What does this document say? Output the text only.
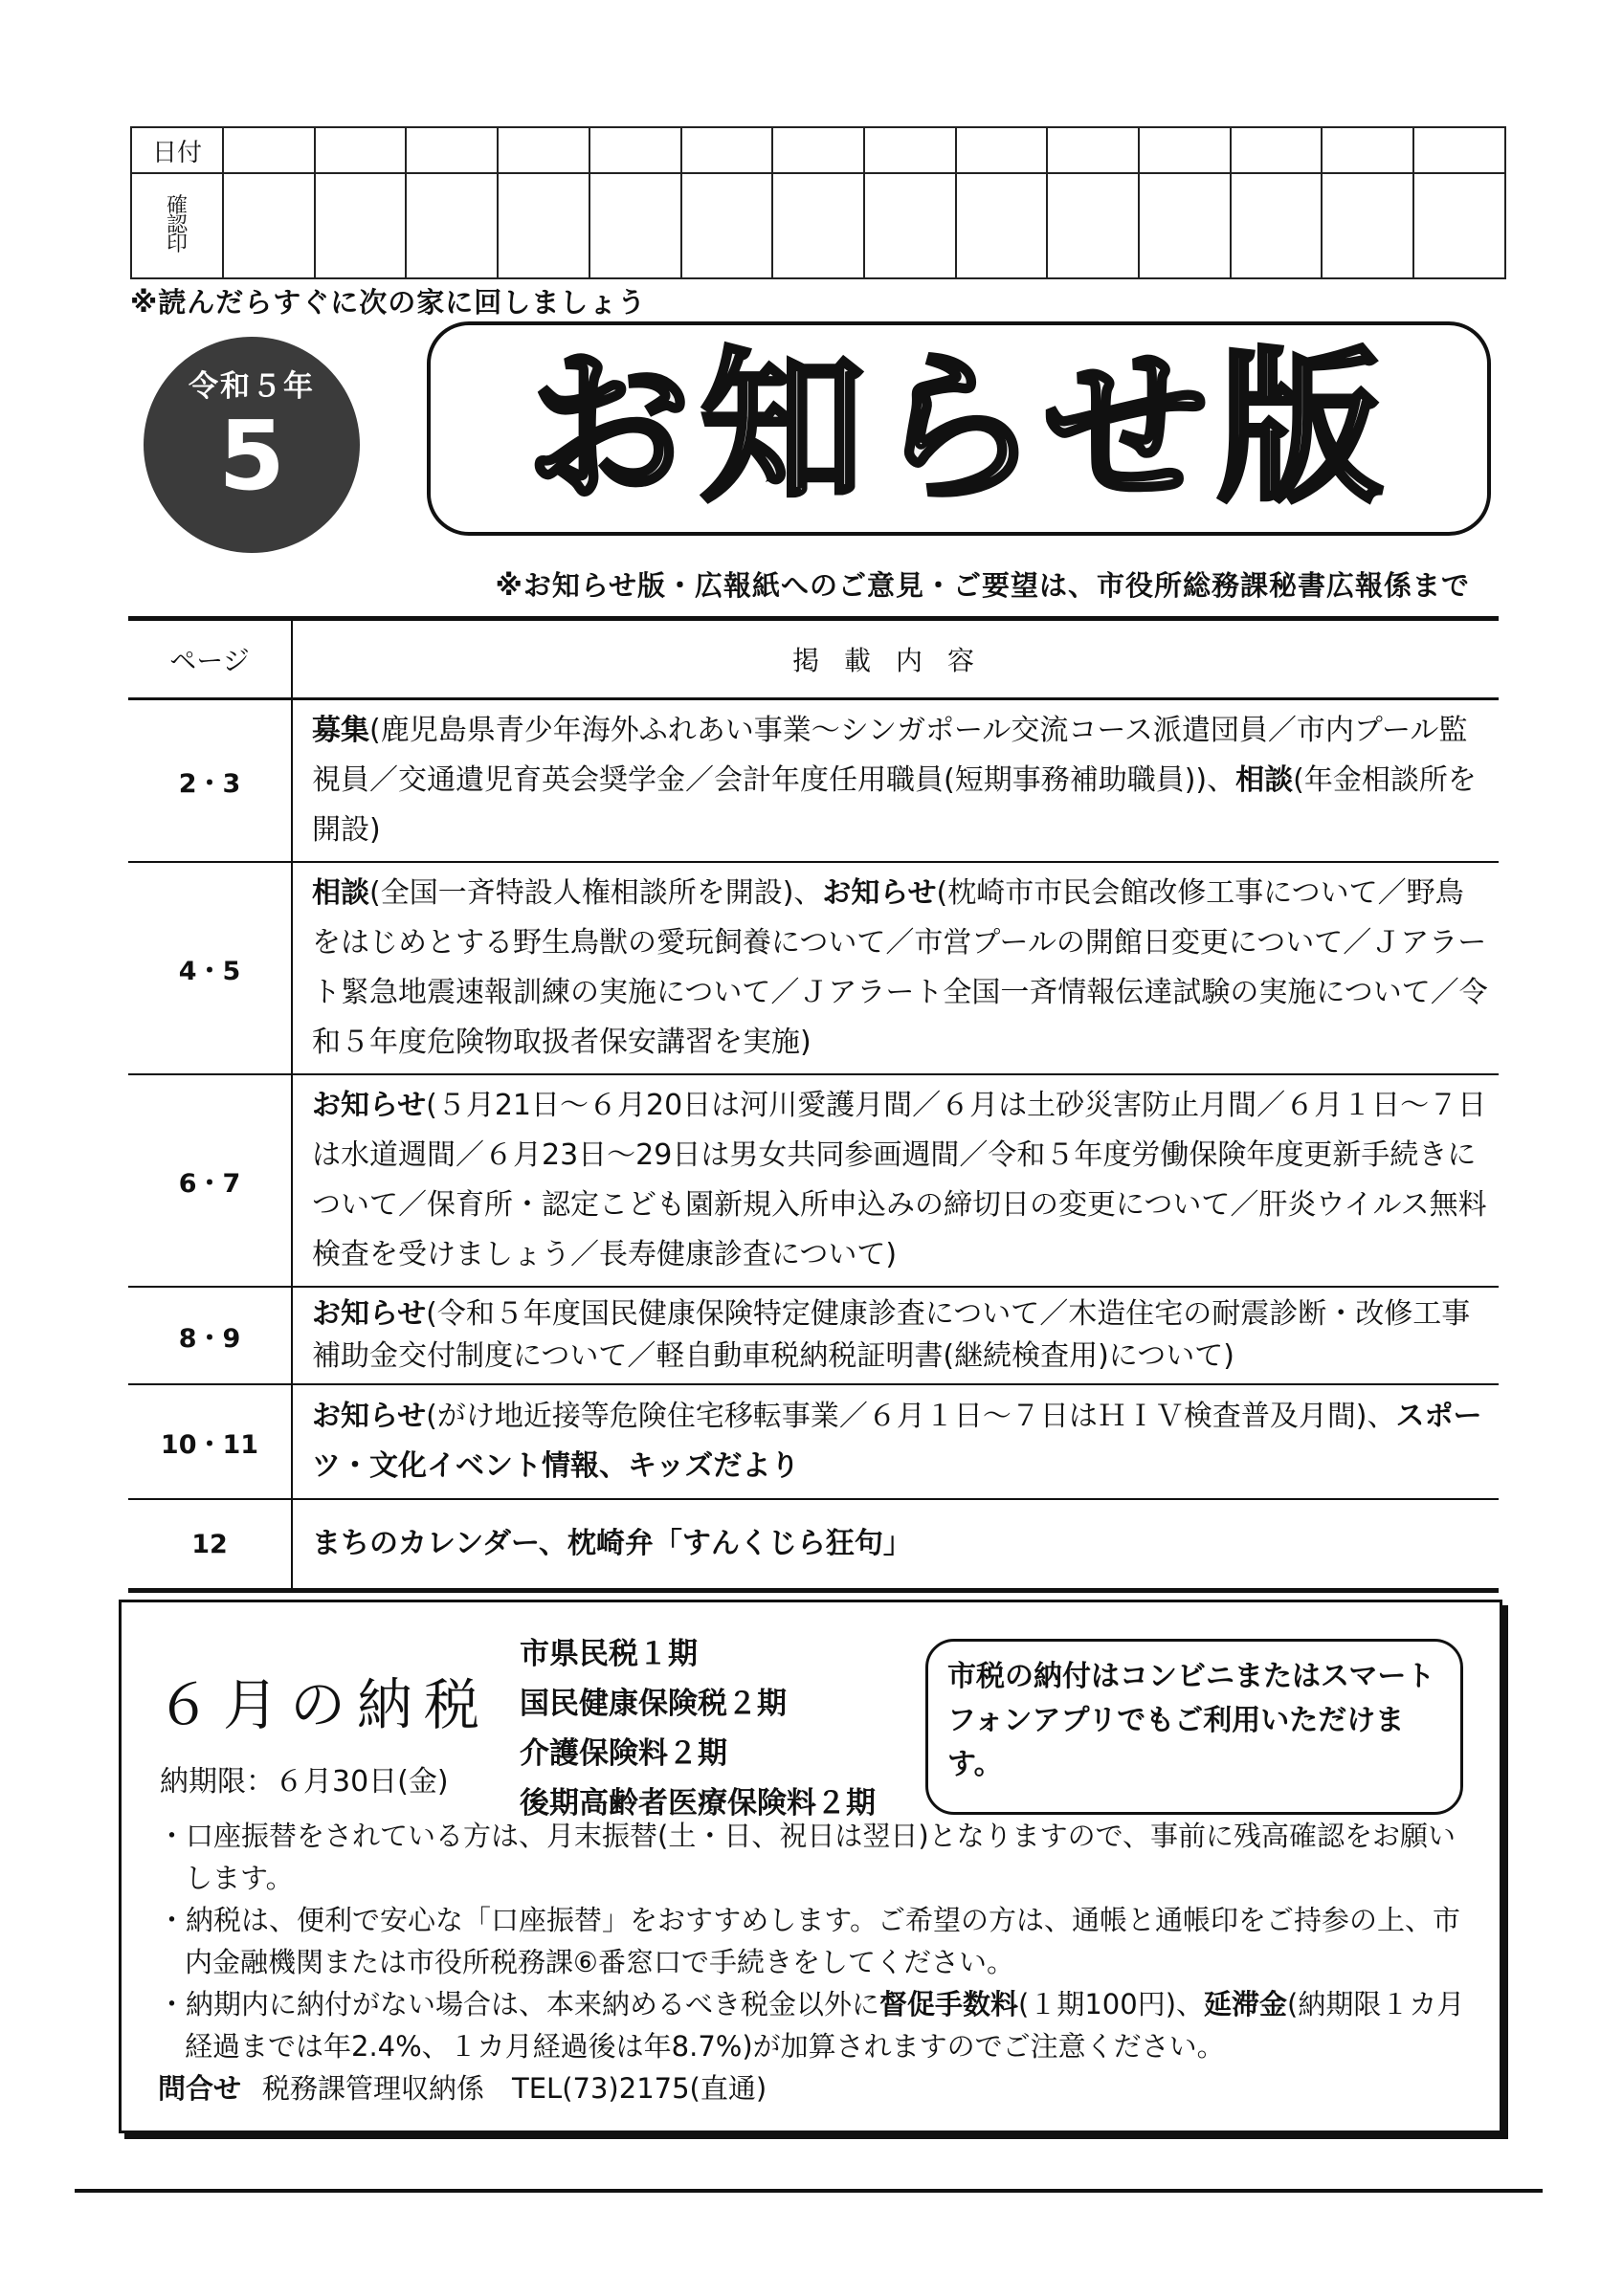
日付														
確
認
印														
※読んだらすぐに次の家に回しましょう
令和５年
5	お知らせ版
※お知らせ版・広報紙へのご意見・ご要望は、市役所総務課秘書広報係まで
ページ	掲載内容
2・3	募集(鹿児島県青少年海外ふれあい事業～シンガポール交流コース派遣団員／市内プール監視員／交通遺児育英会奨学金／会計年度任用職員(短期事務補助職員))、相談(年金相談所を開設)
4・5	相談(全国一斉特設人権相談所を開設)、お知らせ(枕崎市市民会館改修工事について／野鳥をはじめとする野生鳥獣の愛玩飼養について／市営プールの開館日変更について／Ｊアラート緊急地震速報訓練の実施について／Ｊアラート全国一斉情報伝達試験の実施について／令和５年度危険物取扱者保安講習を実施)
6・7	お知らせ(５月21日～６月20日は河川愛護月間／６月は土砂災害防止月間／６月１日～７日は水道週間／６月23日～29日は男女共同参画週間／令和５年度労働保険年度更新手続きについて／保育所・認定こども園新規入所申込みの締切日の変更について／肝炎ウイルス無料検査を受けましょう／長寿健康診査について)
8・9	お知らせ(令和５年度国民健康保険特定健康診査について／木造住宅の耐震診断・改修工事補助金交付制度について／軽自動車税納税証明書(継続検査用)について)
10・11	お知らせ(がけ地近接等危険住宅移転事業／６月１日～７日はＨＩＶ検査普及月間)、スポーツ・文化イベント情報、キッズだより
12	まちのカレンダー、枕崎弁「すんくじら狂句」
６月の納税
納期限：６月30日(金)
市県民税１期
国民健康保険税２期
介護保険料２期
後期高齢者医療保険料２期
市税の納付はコンビニまたはスマートフォンアプリでもご利用いただけます。
・口座振替をされている方は、月末振替(土・日、祝日は翌日)となりますので、事前に残高確認をお願いします。
・納税は、便利で安心な「口座振替」をおすすめします。ご希望の方は、通帳と通帳印をご持参の上、市内金融機関または市役所税務課⑥番窓口で手続きをしてください。
・納期内に納付がない場合は、本来納めるべき税金以外に督促手数料(１期100円)、延滞金(納期限１カ月経過までは年2.4%、１カ月経過後は年8.7%)が加算されますのでご注意ください。
問合せ 税務課管理収納係　TEL(73)2175(直通)
